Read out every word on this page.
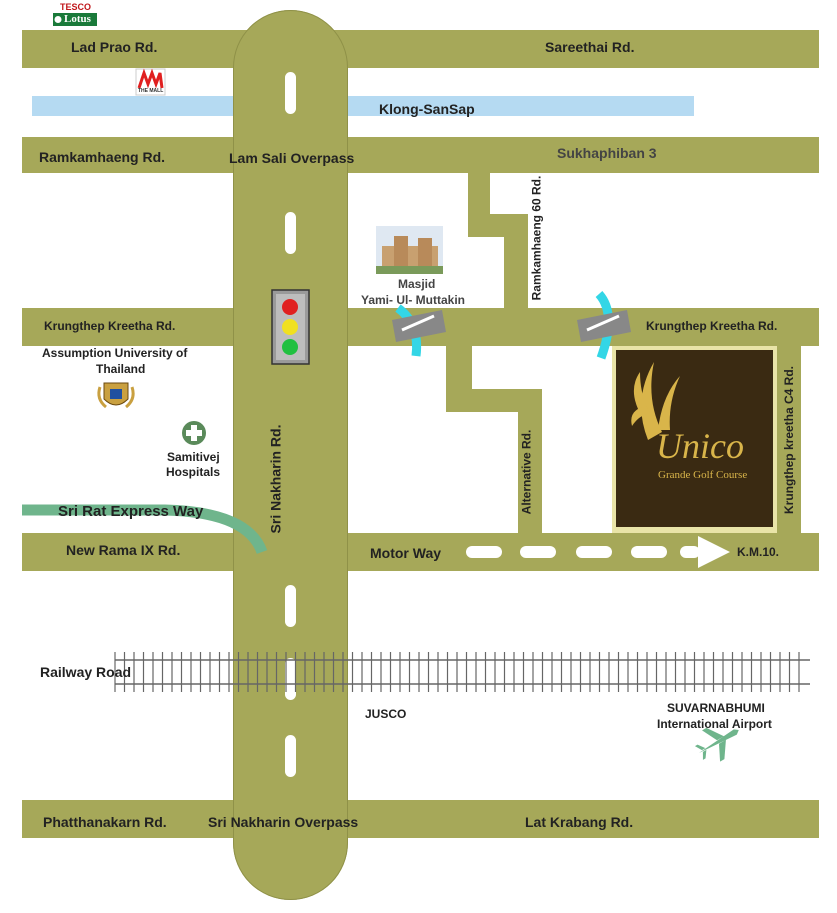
TESCO
Lotus
THE MALL
Lad Prao Rd.	Sareethai Rd.
Klong-SanSap
Ramkamhaeng Rd.	Lam Sali Overpass	Sukhaphiban 3
Ramkamhaeng 60 Rd.
Krungthep Kreetha Rd.	Krungthep Kreetha Rd.
Sri Nakharin Rd.	Alternative Rd.	Krungthep kreetha C4 Rd.
Sri Rat Express Way
New Rama IX Rd.	Motor Way	K.M.10.
Railway Road
Phatthanakarn Rd.	Sri Nakharin Overpass	Lat Krabang Rd.
Masjid
Yami- Ul- Muttakin
Assumption University of
Thailand
Samitivej
Hospitals
JUSCO	SUVARNABHUMI
International Airport
Unico
Grande Golf Course
